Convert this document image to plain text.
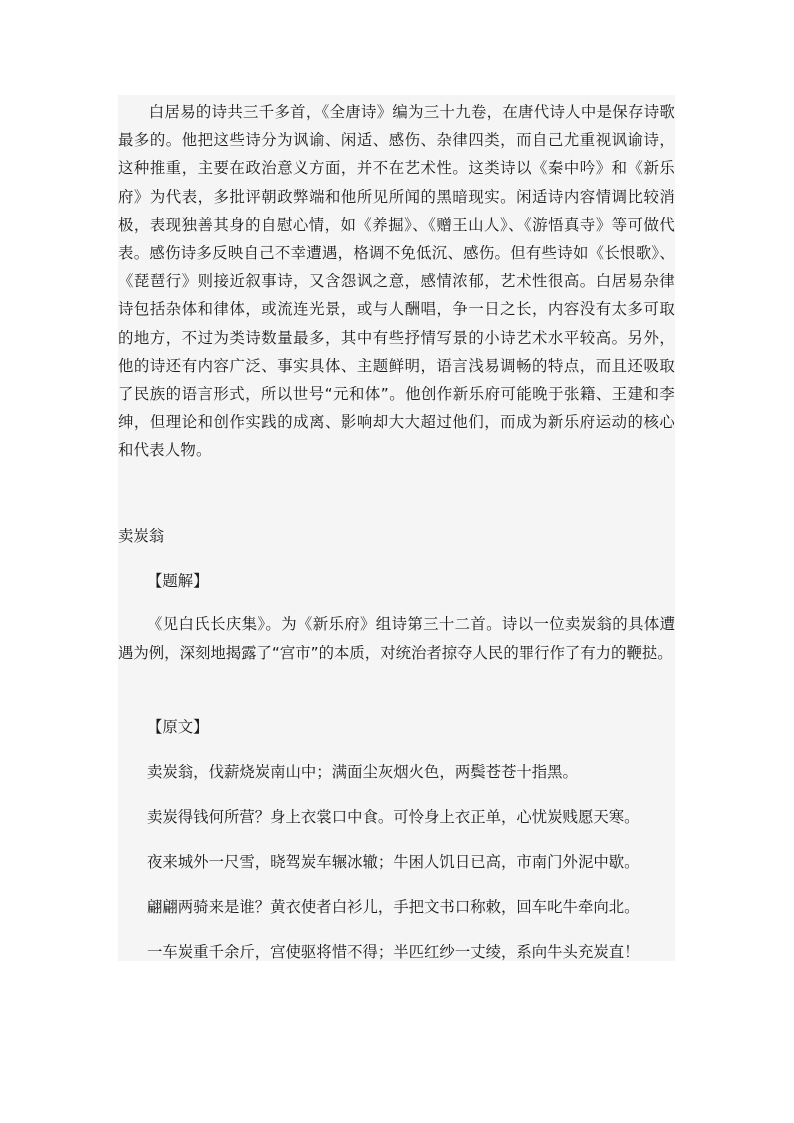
白居易的诗共三千多首，《全唐诗》编为三十九卷，在唐代诗人中是保存诗歌最多的。他把这些诗分为讽谕、闲适、感伤、杂律四类，而自己尤重视讽谕诗，这种推重，主要在政治意义方面，并不在艺术性。这类诗以《秦中吟》和《新乐府》为代表，多批评朝政弊端和他所见所闻的黑暗现实。闲适诗内容情调比较消极，表现独善其身的自慰心情，如《养掘》、《赠王山人》、《游悟真寺》等可做代表。感伤诗多反映自己不幸遭遇，格调不免低沉、感伤。但有些诗如《长恨歌》、《琵琶行》则接近叙事诗，又含怨讽之意，感情浓郁，艺术性很高。白居易杂律诗包括杂体和律体，或流连光景，或与人酬唱，争一日之长，内容没有太多可取的地方，不过为类诗数量最多，其中有些抒情写景的小诗艺术水平较高。另外，他的诗还有内容广泛、事实具体、主题鲜明，语言浅易调畅的特点，而且还吸取了民族的语言形式，所以世号“元和体”。他创作新乐府可能晚于张籍、王建和李绅，但理论和创作实践的成离、影响却大大超过他们，而成为新乐府运动的核心和代表人物。

卖炭翁

【题解】

《见白氏长庆集》。为《新乐府》组诗第三十二首。诗以一位卖炭翁的具体遭遇为例，深刻地揭露了“宫市”的本质，对统治者掠夺人民的罪行作了有力的鞭挞。

【原文】

卖炭翁，伐薪烧炭南山中；满面尘灰烟火色，两鬓苍苍十指黑。

卖炭得钱何所营？身上衣裳口中食。可怜身上衣正单，心忧炭贱愿天寒。

夜来城外一尺雪，晓驾炭车辗冰辙；牛困人饥日已高，市南门外泥中歇。

翩翩两骑来是谁？黄衣使者白衫儿，手把文书口称敕，回车叱牛牵向北。

一车炭重千余斤，宫使驱将惜不得；半匹红纱一丈绫，系向牛头充炭直！
